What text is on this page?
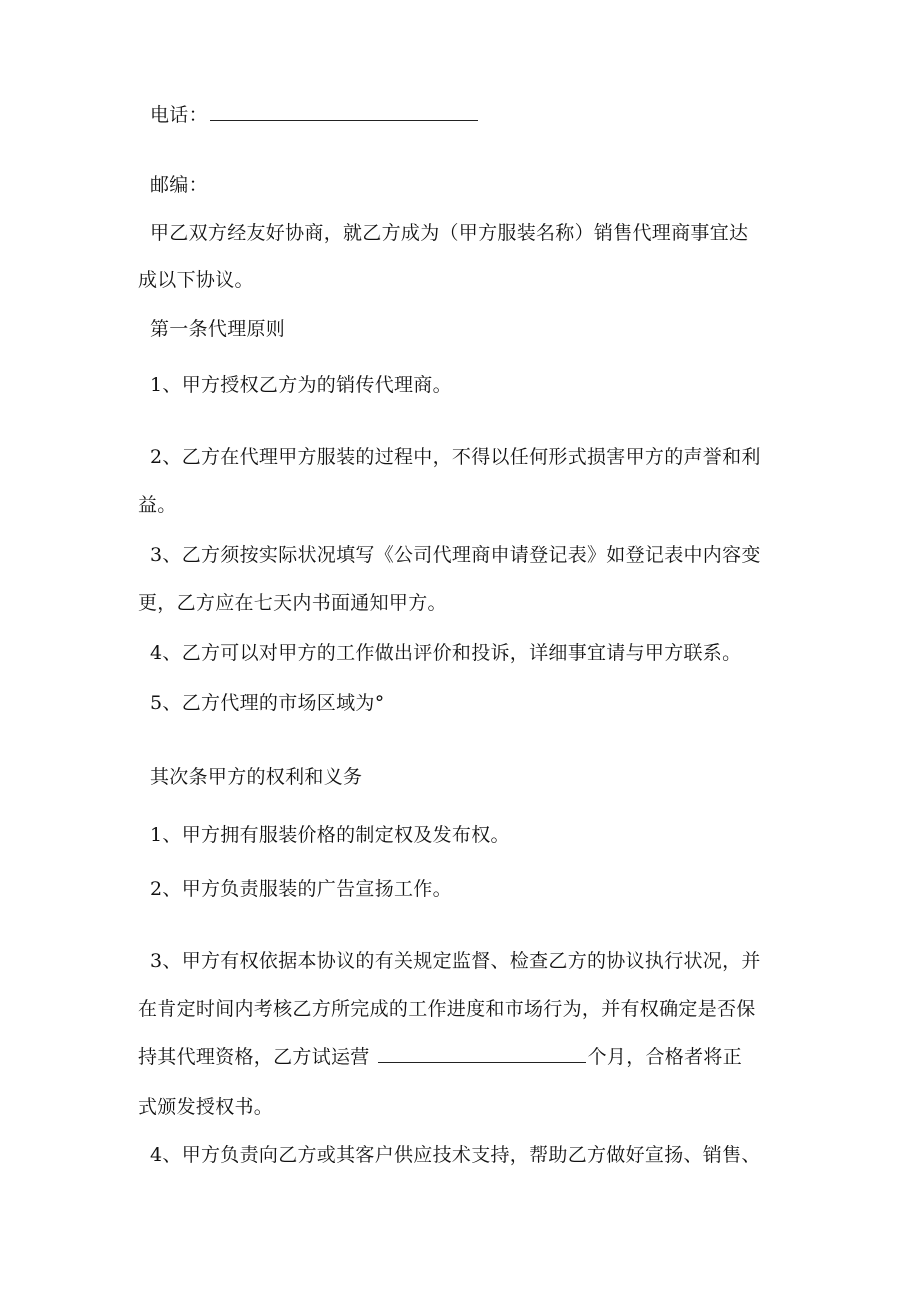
电话：
邮编：
甲乙双方经友好协商，就乙方成为（甲方服装名称）销售代理商事宜达
成以下协议。
第一条代理原则
1、甲方授权乙方为的销传代理商。
2、乙方在代理甲方服装的过程中，不得以任何形式损害甲方的声誉和利
益。
3、乙方须按实际状况填写《公司代理商申请登记表》如登记表中内容变
更，乙方应在七天内书面通知甲方。
4、乙方可以对甲方的工作做出评价和投诉，详细事宜请与甲方联系。
5、乙方代理的市场区域为°
其次条甲方的权利和义务
1、甲方拥有服装价格的制定权及发布权。
2、甲方负责服装的广告宣扬工作。
3、甲方有权依据本协议的有关规定监督、检查乙方的协议执行状况，并
在肯定时间内考核乙方所完成的工作进度和市场行为，并有权确定是否保
持其代理资格，乙方试运营	个月，合格者将正
式颁发授权书。
4、甲方负责向乙方或其客户供应技术支持，帮助乙方做好宣扬、销售、
